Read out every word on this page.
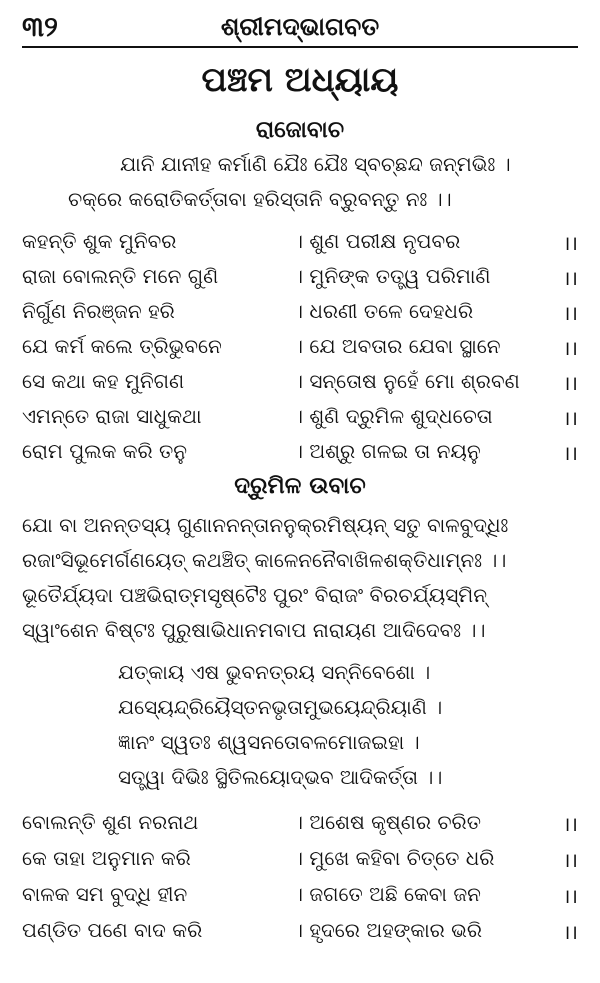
୩୨	ଶ୍ରୀମଦ୍ଭାଗବତ
ପଞ୍ଚମ ଅଧ୍ୟାୟ
ରାଜୋବାଚ
ଯାନି ଯାନୀହ କର୍ମାଣି ଯୈଃ ଯୈଃ ସ୍ବଚ୍ଛନ୍ଦ ଜନ୍ମଭିଃ ।
ଚକ୍ରେ କରୋତିକର୍ତ୍ତାବା ହରିସ୍ତାନି ବ୍ରୁବନ୍ତୁ ନଃ ।।
କହନ୍ତି ଶୁକ ମୁନିବର	। ଶୁଣ ପରୀକ୍ଷ ନୃପବର	।।
ରାଜା ବୋଲନ୍ତି ମନେ ଗୁଣି	। ମୁନିଙ୍କ ତତ୍ତ୍ୱ ପରିମାଣି	।।
ନିର୍ଗୁଣ ନିରଞ୍ଜନ ହରି	। ଧରଣୀ ତଳେ ଦେହଧରି	।।
ଯେ କର୍ମ କଲେ ତ୍ରିଭୁବନେ	। ଯେ ଅବତାର ଯେବା ସ୍ଥାନେ	।।
ସେ କଥା କହ ମୁନିଗଣ	। ସନ୍ତୋଷ ନୁହେଁ ମୋ ଶ୍ରବଣ ।।
ଏମନ୍ତେ ରାଜା ସାଧୁକଥା	। ଶୁଣି ଦ୍ରୁମିଳ ଶୁଦ୍ଧଚେତା	।।
ରୋମ ପୁଲକ କରି ତନୁ	। ଅଶ୍ରୁ ଗଳଇ ତା ନୟନୁ	।।
ଦ୍ରୁମିଳ ଉବାଚ
ଯୋ ବା ଅନନ୍ତସ୍ୟ ଗୁଣାନନନ୍ତାନନୁକ୍ରମିଷ୍ୟନ୍ ସତୁ ବାଳବୁଦ୍ଧିଃ
ରଜାଂସିଭୂମେର୍ଗଣୟେତ୍ କଥଞ୍ଚିତ୍ କାଳେନନୈବାଖିଳଶକ୍ତିଧାମ୍ନଃ ।।
ଭୂତୈର୍ଯ୍ୟଦା ପଞ୍ଚଭିରାତ୍ମସୃଷ୍ଟୈଃ ପୁରଂ ବିରାଜଂ ବିରଚର୍ଯ୍ୟସ୍ମିନ୍
ସ୍ୱାଂଶେନ ବିଷ୍ଟଃ ପୁରୁଷାଭିଧାନମବାପ ନାରାୟଣ ଆଦିଦେବଃ ।।
ଯତ୍କାୟ ଏଷ ଭୁବନତ୍ରୟ ସନ୍ନିବେଶୋ ।
ଯସ୍ୟେନ୍ଦ୍ରିୟୈସ୍ତନଭୃତାମୁଭୟେନ୍ଦ୍ରିୟାଣି ।
ଜ୍ଞାନଂ ସ୍ୱତଃ ଶ୍ୱସନତୋବଳମୋଜଇହା ।
ସତ୍ତ୍ୱା ଦିଭିଃ ସ୍ଥିତିଲୟୋଦ୍ଭବ ଆଦିକର୍ତ୍ତା ।।
ବୋଲନ୍ତି ଶୁଣ ନରନାଥ	। ଅଶେଷ କୃଷ୍ଣର ଚରିତ	।।
କେ ତାହା ଅନୁମାନ କରି	। ମୁଖେ କହିବା ଚିତ୍ତେ ଧରି	।।
ବାଳକ ସମ ବୁଦ୍ଧି ହୀନ	। ଜଗତେ ଅଛି କେବା ଜନ	।।
ପଣ୍ଡିତ ପଣେ ବାଦ କରି	। ହୃଦରେ ଅହଙ୍କାର ଭରି	।।
